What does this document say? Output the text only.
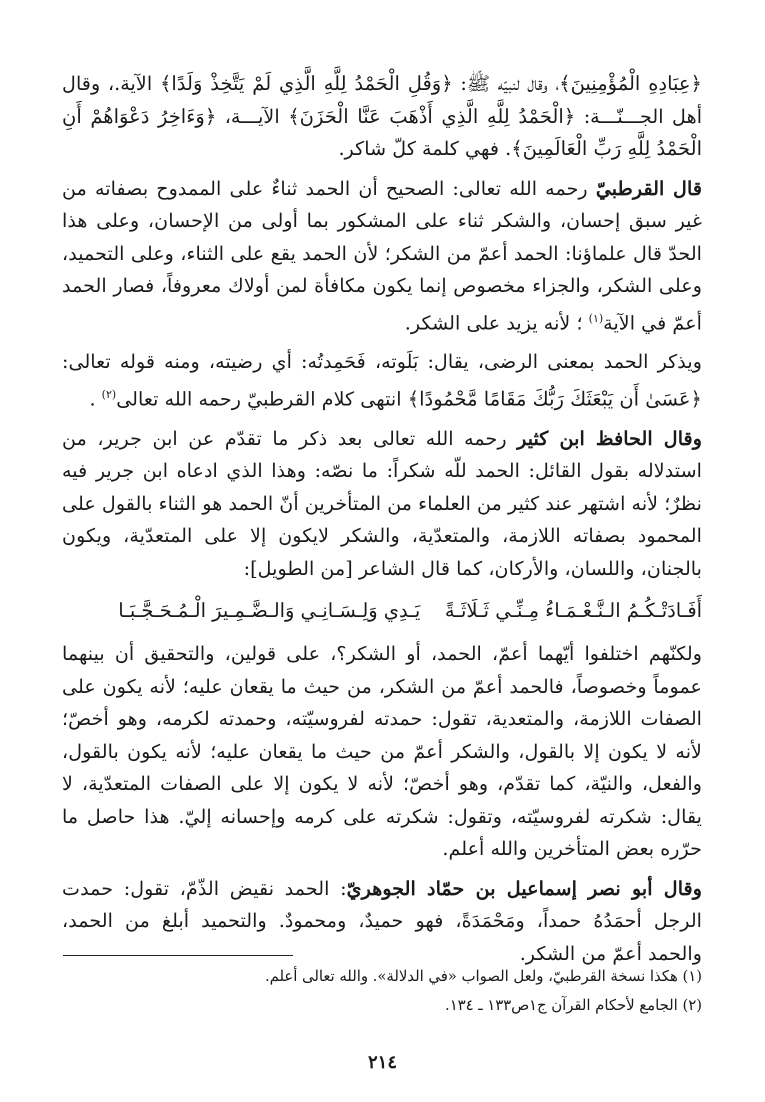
﴿عِبَادِهِ الْمُؤْمِنِينَ﴾، وقال لنبيّه ﷺ: ﴿وَقُلِ الْحَمْدُ لِلَّهِ الَّذِي لَمْ يَتَّخِذْ وَلَدًا﴾ الآية.، وقال أهل الجـــنّـــة: ﴿الْحَمْدُ لِلَّهِ الَّذِي أَذْهَبَ عَنَّا الْحَزَنَ﴾ الآيـــة، ﴿وَءَاخِرُ دَعْوَاهُمْ أَنِ الْحَمْدُ لِلَّهِ رَبِّ الْعَالَمِينَ﴾. فهي كلمة كلّ شاكر.

قال القرطبيّ رحمه الله تعالى: الصحيح أن الحمد ثناءٌ على الممدوح بصفاته من غير سبق إحسان، والشكر ثناء على المشكور بما أولى من الإحسان، وعلى هذا الحدّ قال علماؤنا: الحمد أعمّ من الشكر؛ لأن الحمد يقع على الثناء، وعلى التحميد، وعلى الشكر، والجزاء مخصوص إنما يكون مكافأة لمن أولاك معروفاً، فصار الحمد أعمّ في الآية$^{(١)}$ ؛ لأنه يزيد على الشكر.

ويذكر الحمد بمعنى الرضى، يقال: بَلَوته، فَحَمِدتُه: أي رضيته، ومنه قوله تعالى: ﴿عَسَىٰ أَن يَبْعَثَكَ رَبُّكَ مَقَامًا مَّحْمُودًا﴾ انتهى كلام القرطبيّ رحمه الله تعالى$^{(٢)}$ .

وقال الحافظ ابن كثير رحمه الله تعالى بعد ذكر ما تقدّم عن ابن جرير، من استدلاله بقول القائل: الحمد للّه شكراً: ما نصّه: وهذا الذي ادعاه ابن جرير فيه نظرٌ؛ لأنه اشتهر عند كثير من العلماء من المتأخرين أنّ الحمد هو الثناء بالقول على المحمود بصفاته اللازمة، والمتعدّية، والشكر لايكون إلا على المتعدّية، ويكون بالجنان، واللسان، والأركان، كما قال الشاعر [من الطويل]:

أَفَـادَتْـكُـمُ الـنَّـعْـمَـاءُ مِـنِّـي ثَـلَاثَـةً    يَـدِي وَلِـسَـانِـي وَالـضَّـمِـيرَ الْـمُـحَـجَّـبَـا

ولكنّهم اختلفوا أيّهما أعمّ، الحمد، أو الشكر؟، على قولين، والتحقيق أن بينهما عموماً وخصوصاً، فالحمد أعمّ من الشكر، من حيث ما يقعان عليه؛ لأنه يكون على الصفات اللازمة، والمتعدية، تقول: حمدته لفروسيّته، وحمدته لكرمه، وهو أخصّ؛ لأنه لا يكون إلا بالقول، والشكر أعمّ من حيث ما يقعان عليه؛ لأنه يكون بالقول، والفعل، والنيّة، كما تقدّم، وهو أخصّ؛ لأنه لا يكون إلا على الصفات المتعدّية، لا يقال: شكرته لفروسيّته، وتقول: شكرته على كرمه وإحسانه إليّ. هذا حاصل ما حرّره بعض المتأخرين والله أعلم.

وقال أبو نصر إسماعيل بن حمّاد الجوهريّ: الحمد نقيض الذّمّ، تقول: حمدت الرجل أحمَدُهُ حمداً، ومَحْمَدَةً، فهو حميدٌ، ومحمودٌ. والتحميد أبلغ من الحمد، والحمد أعمّ من الشكر.

(١) هكذا نسخة القرطبيّ، ولعل الصواب «في الدلالة». والله تعالى أعلم.
(٢) الجامع لأحكام القرآن ج١ص١٣٣ ـ ١٣٤.
٢١٤
